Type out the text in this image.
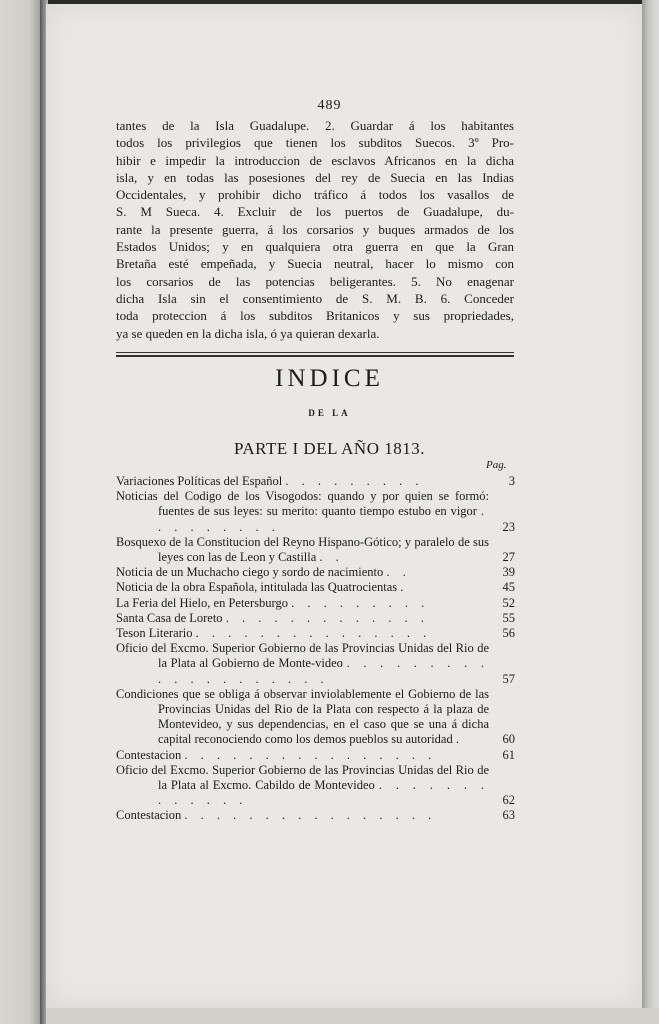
489
tantes de la Isla Guadalupe. 2. Guardar á los habitantes
todos los privilegios que tienen los subditos Suecos. 3º Pro-
hibir e impedir la introduccion de esclavos Africanos en la dicha
isla, y en todas las posesiones del rey de Suecia en las Indias
Occidentales, y prohibir dicho tráfico á todos los vasallos de
S. M Sueca. 4. Excluir de los puertos de Guadalupe, du-
rante la presente guerra, á los corsarios y buques armados de los
Estados Unidos; y en qualquiera otra guerra en que la Gran
Bretaña esté empeñada, y Suecia neutral, hacer lo mismo con
los corsarios de las potencias beligerantes. 5. No enagenar
dicha Isla sin el consentimiento de S. M. B. 6. Conceder
toda proteccion á los subditos Britanicos y sus propriedades,
ya se queden en la dicha isla, ó ya quieran dexarla.
INDICE
DE LA
PARTE I DEL AÑO 1813.
Pag.
Variaciones Políticas del Español . . . . . . . . .	3
Noticias del Codigo de los Visogodos: quando y por quien se formó: fuentes de sus leyes: su merito: quanto tiempo estubo en vigor . . . . . . . . .	23
Bosquexo de la Constitucion del Reyno Hispano-Gótico; y paralelo de sus leyes con las de Leon y Castilla . .	27
Noticia de un Muchacho ciego y sordo de nacimiento . .	39
Noticia de la obra Española, intitulada las Quatrocientas .	45
La Feria del Hielo, en Petersburgo . . . . . . . . .	52
Santa Casa de Loreto . . . . . . . . . . . . .	55
Teson Literario . . . . . . . . . . . . . . .	56
Oficio del Excmo. Superior Gobierno de las Provincias Unidas del Rio de la Plata al Gobierno de Monte-video . . . . . . . . . . . . . . . . . . . .	57
Condiciones que se obliga á observar inviolablemente el Gobierno de las Provincias Unidas del Rio de la Plata con respecto á la plaza de Montevideo, y sus dependencias, en el caso que se una á dicha capital reconociendo como los demos pueblos su autoridad .	60
Contestacion . . . . . . . . . . . . . . . .	61
Oficio del Excmo. Superior Gobierno de las Provincias Unidas del Rio de la Plata al Excmo. Cabildo de Montevideo . . . . . . . . . . . . .	62
Contestacion . . . . . . . . . . . . . . . .	63
